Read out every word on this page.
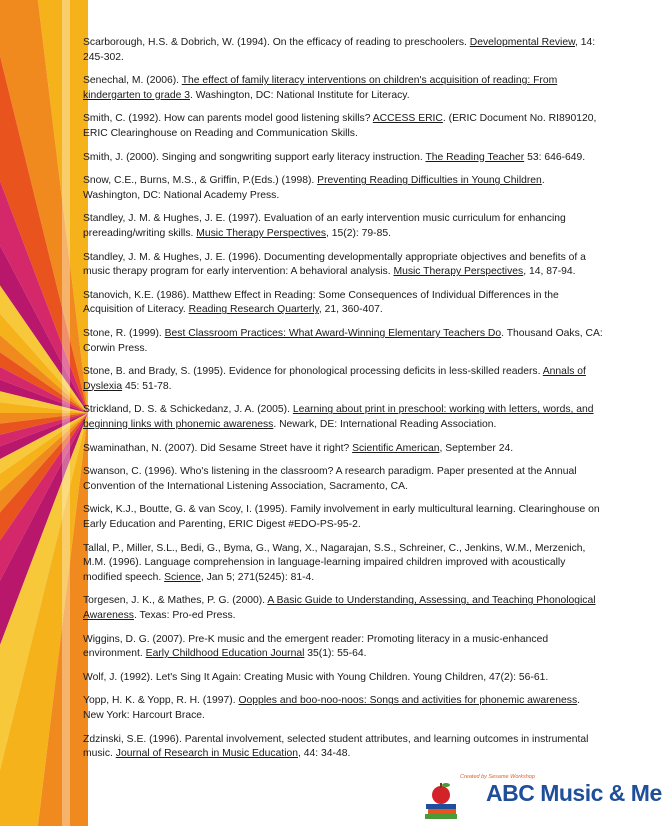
Scarborough, H.S. & Dobrich, W. (1994). On the efficacy of reading to preschoolers. Developmental Review, 14: 245-302.

Senechal, M. (2006). The effect of family literacy interventions on children's acquisition of reading: From kindergarten to grade 3. Washington, DC: National Institute for Literacy.

Smith, C. (1992). How can parents model good listening skills? ACCESS ERIC. (ERIC Document No. RI890120, ERIC Clearinghouse on Reading and Communication Skills.

Smith, J. (2000). Singing and songwriting support early literacy instruction. The Reading Teacher 53: 646-649.

Snow, C.E., Burns, M.S., & Griffin, P.(Eds.) (1998). Preventing Reading Difficulties in Young Children. Washington, DC: National Academy Press.

Standley, J. M. & Hughes, J. E. (1997). Evaluation of an early intervention music curriculum for enhancing prereading/writing skills. Music Therapy Perspectives, 15(2): 79-85.

Standley, J. M. & Hughes, J. E. (1996). Documenting developmentally appropriate objectives and benefits of a music therapy program for early intervention: A behavioral analysis. Music Therapy Perspectives, 14, 87-94.

Stanovich, K.E. (1986). Matthew Effect in Reading: Some Consequences of Individual Differences in the Acquisition of Literacy. Reading Research Quarterly, 21, 360-407.

Stone, R. (1999). Best Classroom Practices: What Award-Winning Elementary Teachers Do. Thousand Oaks, CA: Corwin Press.

Stone, B. and Brady, S. (1995). Evidence for phonological processing deficits in less-skilled readers. Annals of Dyslexia 45: 51-78.

Strickland, D. S. & Schickedanz, J. A. (2005). Learning about print in preschool: working with letters, words, and beginning links with phonemic awareness. Newark, DE: International Reading Association.

Swaminathan, N. (2007). Did Sesame Street have it right? Scientific American, September 24.

Swanson, C. (1996). Who's listening in the classroom? A research paradigm. Paper presented at the Annual Convention of the International Listening Association, Sacramento, CA.

Swick, K.J., Boutte, G. & van Scoy, I. (1995). Family involvement in early multicultural learning. Clearinghouse on Early Education and Parenting, ERIC Digest #EDO-PS-95-2.

Tallal, P., Miller, S.L., Bedi, G., Byma, G., Wang, X., Nagarajan, S.S., Schreiner, C., Jenkins, W.M., Merzenich, M.M. (1996). Language comprehension in language-learning impaired children improved with acoustically modified speech. Science, Jan 5; 271(5245): 81-4.

Torgesen, J. K., & Mathes, P. G. (2000). A Basic Guide to Understanding, Assessing, and Teaching Phonological Awareness. Texas: Pro-ed Press.

Wiggins, D. G. (2007). Pre-K music and the emergent reader: Promoting literacy in a music-enhanced environment. Early Childhood Education Journal 35(1): 55-64.

Wolf, J. (1992). Let's Sing It Again: Creating Music with Young Children. Young Children, 47(2): 56-61.

Yopp, H. K. & Yopp, R. H. (1997). Oopples and boo-noo-noos: Songs and activities for phonemic awareness. New York: Harcourt Brace.

Zdzinski, S.E. (1996). Parental involvement, selected student attributes, and learning outcomes in instrumental music. Journal of Research in Music Education, 44: 34-48.

Created by Sesame Workshop
ABC Music & Me
